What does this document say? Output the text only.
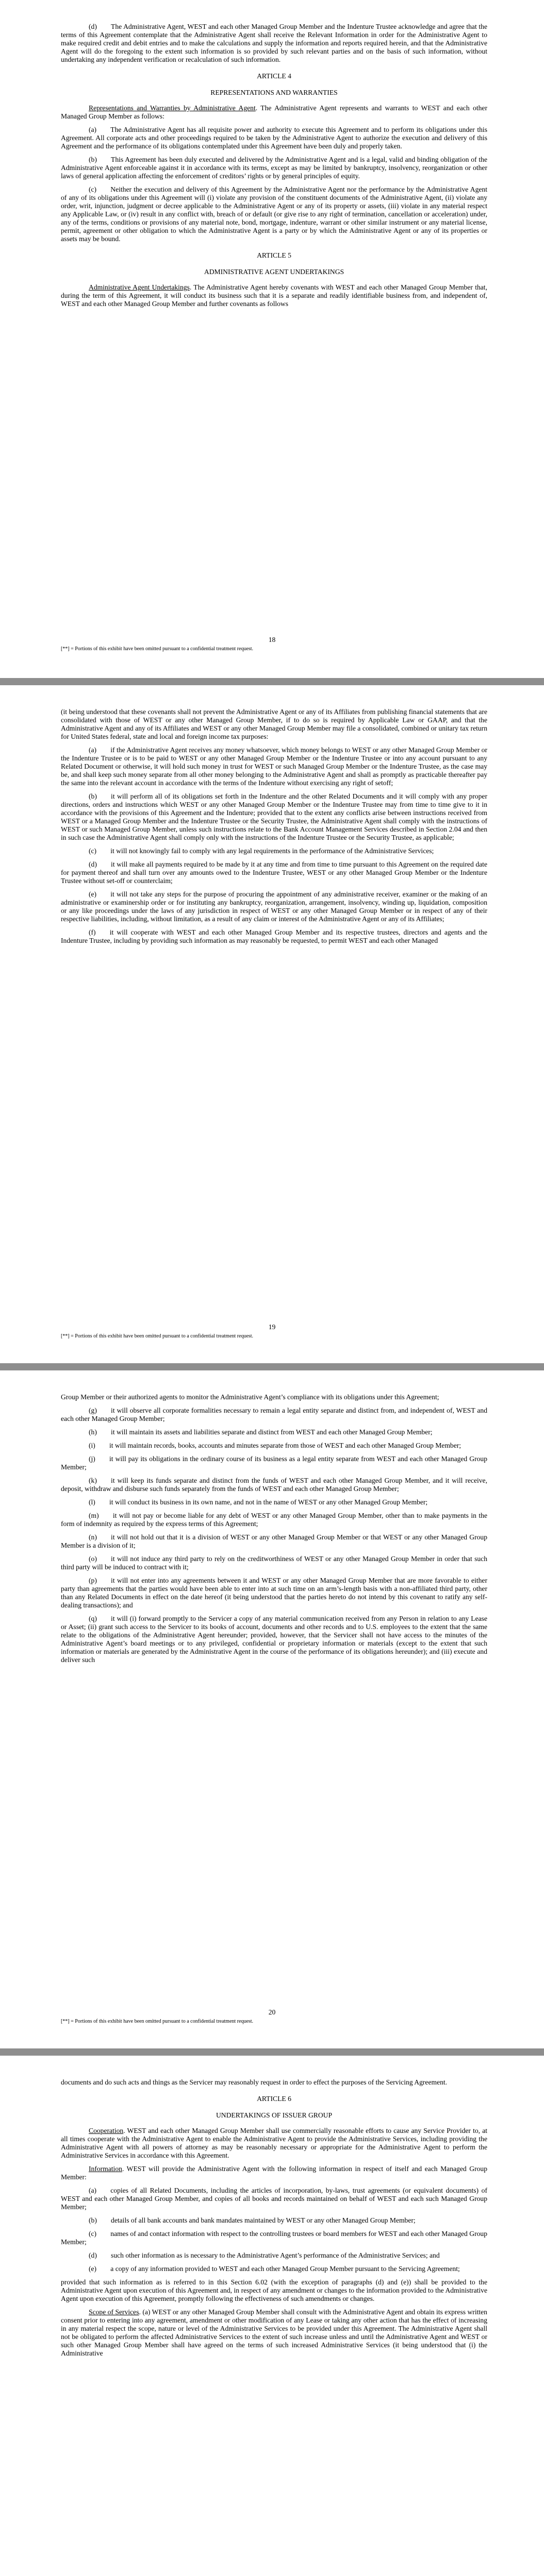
(d)  The Administrative Agent, WEST and each other Managed Group Member and the Indenture Trustee acknowledge and agree that the terms of this Agreement contemplate that the Administrative Agent shall receive the Relevant Information in order for the Administrative Agent to make required credit and debit entries and to make the calculations and supply the information and reports required herein, and that the Administrative Agent will do the foregoing to the extent such information is so provided by such relevant parties and on the basis of such information, without undertaking any independent verification or recalculation of such information.

ARTICLE 4

REPRESENTATIONS AND WARRANTIES

Representations and Warranties by Administrative Agent. The Administrative Agent represents and warrants to WEST and each other Managed Group Member as follows:

(a)  The Administrative Agent has all requisite power and authority to execute this Agreement and to perform its obligations under this Agreement. All corporate acts and other proceedings required to be taken by the Administrative Agent to authorize the execution and delivery of this Agreement and the performance of its obligations contemplated under this Agreement have been duly and properly taken.

(b)  This Agreement has been duly executed and delivered by the Administrative Agent and is a legal, valid and binding obligation of the Administrative Agent enforceable against it in accordance with its terms, except as may be limited by bankruptcy, insolvency, reorganization or other laws of general application affecting the enforcement of creditors’ rights or by general principles of equity.

(c)  Neither the execution and delivery of this Agreement by the Administrative Agent nor the performance by the Administrative Agent of any of its obligations under this Agreement will (i) violate any provision of the constituent documents of the Administrative Agent, (ii) violate any order, writ, injunction, judgment or decree applicable to the Administrative Agent or any of its property or assets, (iii) violate in any material respect any Applicable Law, or (iv) result in any conflict with, breach of or default (or give rise to any right of termination, cancellation or acceleration) under, any of the terms, conditions or provisions of any material note, bond, mortgage, indenture, warrant or other similar instrument or any material license, permit, agreement or other obligation to which the Administrative Agent is a party or by which the Administrative Agent or any of its properties or assets may be bound.

ARTICLE 5

ADMINISTRATIVE AGENT UNDERTAKINGS

Administrative Agent Undertakings. The Administrative Agent hereby covenants with WEST and each other Managed Group Member that, during the term of this Agreement, it will conduct its business such that it is a separate and readily identifiable business from, and independent of, WEST and each other Managed Group Member and further covenants as follows

18
[**] = Portions of this exhibit have been omitted pursuant to a confidential treatment request.

(it being understood that these covenants shall not prevent the Administrative Agent or any of its Affiliates from publishing financial statements that are consolidated with those of WEST or any other Managed Group Member, if to do so is required by Applicable Law or GAAP, and that the Administrative Agent and any of its Affiliates and WEST or any other Managed Group Member may file a consolidated, combined or unitary tax return for United States federal, state and local and foreign income tax purposes:

(a)  if the Administrative Agent receives any money whatsoever, which money belongs to WEST or any other Managed Group Member or the Indenture Trustee or is to be paid to WEST or any other Managed Group Member or the Indenture Trustee or into any account pursuant to any Related Document or otherwise, it will hold such money in trust for WEST or such Managed Group Member or the Indenture Trustee, as the case may be, and shall keep such money separate from all other money belonging to the Administrative Agent and shall as promptly as practicable thereafter pay the same into the relevant account in accordance with the terms of the Indenture without exercising any right of setoff;

(b)  it will perform all of its obligations set forth in the Indenture and the other Related Documents and it will comply with any proper directions, orders and instructions which WEST or any other Managed Group Member or the Indenture Trustee may from time to time give to it in accordance with the provisions of this Agreement and the Indenture; provided that to the extent any conflicts arise between instructions received from WEST or a Managed Group Member and the Indenture Trustee or the Security Trustee, the Administrative Agent shall comply with the instructions of WEST or such Managed Group Member, unless such instructions relate to the Bank Account Management Services described in Section 2.04 and then in such case the Administrative Agent shall comply only with the instructions of the Indenture Trustee or the Security Trustee, as applicable;

(c)  it will not knowingly fail to comply with any legal requirements in the performance of the Administrative Services;

(d)  it will make all payments required to be made by it at any time and from time to time pursuant to this Agreement on the required date for payment thereof and shall turn over any amounts owed to the Indenture Trustee, WEST or any other Managed Group Member or the Indenture Trustee without set-off or counterclaim;

(e)  it will not take any steps for the purpose of procuring the appointment of any administrative receiver, examiner or the making of an administrative or examinership order or for instituting any bankruptcy, reorganization, arrangement, insolvency, winding up, liquidation, composition or any like proceedings under the laws of any jurisdiction in respect of WEST or any other Managed Group Member or in respect of any of their respective liabilities, including, without limitation, as a result of any claim or interest of the Administrative Agent or any of its Affiliates;

(f)  it will cooperate with WEST and each other Managed Group Member and its respective trustees, directors and agents and the Indenture Trustee, including by providing such information as may reasonably be requested, to permit WEST and each other Managed

19
[**] = Portions of this exhibit have been omitted pursuant to a confidential treatment request.

Group Member or their authorized agents to monitor the Administrative Agent’s compliance with its obligations under this Agreement;

(g)  it will observe all corporate formalities necessary to remain a legal entity separate and distinct from, and independent of, WEST and each other Managed Group Member;

(h)  it will maintain its assets and liabilities separate and distinct from WEST and each other Managed Group Member;

(i)  it will maintain records, books, accounts and minutes separate from those of WEST and each other Managed Group Member;

(j)  it will pay its obligations in the ordinary course of its business as a legal entity separate from WEST and each other Managed Group Member;

(k)  it will keep its funds separate and distinct from the funds of WEST and each other Managed Group Member, and it will receive, deposit, withdraw and disburse such funds separately from the funds of WEST and each other Managed Group Member;

(l)  it will conduct its business in its own name, and not in the name of WEST or any other Managed Group Member;

(m)  it will not pay or become liable for any debt of WEST or any other Managed Group Member, other than to make payments in the form of indemnity as required by the express terms of this Agreement;

(n)  it will not hold out that it is a division of WEST or any other Managed Group Member or that WEST or any other Managed Group Member is a division of it;

(o)  it will not induce any third party to rely on the creditworthiness of WEST or any other Managed Group Member in order that such third party will be induced to contract with it;

(p)  it will not enter into any agreements between it and WEST or any other Managed Group Member that are more favorable to either party than agreements that the parties would have been able to enter into at such time on an arm’s-length basis with a non-affiliated third party, other than any Related Documents in effect on the date hereof (it being understood that the parties hereto do not intend by this covenant to ratify any self-dealing transactions); and

(q)  it will (i) forward promptly to the Servicer a copy of any material communication received from any Person in relation to any Lease or Asset; (ii) grant such access to the Servicer to its books of account, documents and other records and to U.S. employees to the extent that the same relate to the obligations of the Administrative Agent hereunder; provided, however, that the Servicer shall not have access to the minutes of the Administrative Agent’s board meetings or to any privileged, confidential or proprietary information or materials (except to the extent that such information or materials are generated by the Administrative Agent in the course of the performance of its obligations hereunder); and (iii) execute and deliver such

20
[**] = Portions of this exhibit have been omitted pursuant to a confidential treatment request.

documents and do such acts and things as the Servicer may reasonably request in order to effect the purposes of the Servicing Agreement.

ARTICLE 6

UNDERTAKINGS OF ISSUER GROUP

Cooperation. WEST and each other Managed Group Member shall use commercially reasonable efforts to cause any Service Provider to, at all times cooperate with the Administrative Agent to enable the Administrative Agent to provide the Administrative Services, including providing the Administrative Agent with all powers of attorney as may be reasonably necessary or appropriate for the Administrative Agent to perform the Administrative Services in accordance with this Agreement.

Information. WEST will provide the Administrative Agent with the following information in respect of itself and each Managed Group Member:

(a)  copies of all Related Documents, including the articles of incorporation, by-laws, trust agreements (or equivalent documents) of WEST and each other Managed Group Member, and copies of all books and records maintained on behalf of WEST and each such Managed Group Member;

(b)  details of all bank accounts and bank mandates maintained by WEST or any other Managed Group Member;

(c)  names of and contact information with respect to the controlling trustees or board members for WEST and each other Managed Group Member;

(d)  such other information as is necessary to the Administrative Agent’s performance of the Administrative Services; and

(e)  a copy of any information provided to WEST and each other Managed Group Member pursuant to the Servicing Agreement;

provided that such information as is referred to in this Section 6.02 (with the exception of paragraphs (d) and (e)) shall be provided to the Administrative Agent upon execution of this Agreement and, in respect of any amendment or changes to the information provided to the Administrative Agent upon execution of this Agreement, promptly following the effectiveness of such amendments or changes.

Scope of Services. (a) WEST or any other Managed Group Member shall consult with the Administrative Agent and obtain its express written consent prior to entering into any agreement, amendment or other modification of any Lease or taking any other action that has the effect of increasing in any material respect the scope, nature or level of the Administrative Services to be provided under this Agreement. The Administrative Agent shall not be obligated to perform the affected Administrative Services to the extent of such increase unless and until the Administrative Agent and WEST or such other Managed Group Member shall have agreed on the terms of such increased Administrative Services (it being understood that (i) the Administrative
